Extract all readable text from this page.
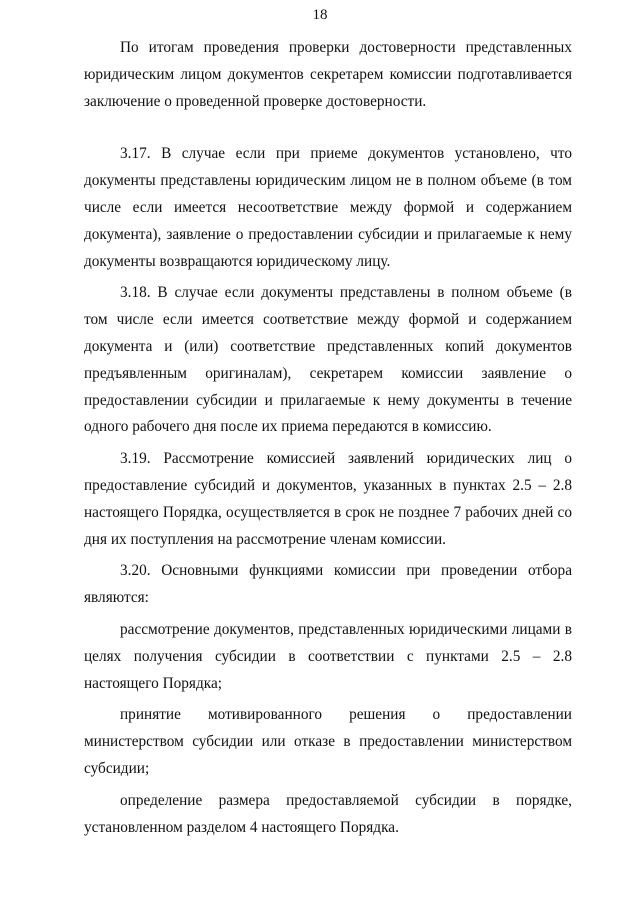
18

По итогам проведения проверки достоверности представленных юридическим лицом документов секретарем комиссии подготавливается заключение о проведенной проверке достоверности.

3.17. В случае если при приеме документов установлено, что документы представлены юридическим лицом не в полном объеме (в том числе если имеется несоответствие между формой и содержанием документа), заявление о предоставлении субсидии и прилагаемые к нему документы возвращаются юридическому лицу.

3.18. В случае если документы представлены в полном объеме (в том числе если имеется соответствие между формой и содержанием документа и (или) соответствие представленных копий документов предъявленным оригиналам), секретарем комиссии заявление о предоставлении субсидии и прилагаемые к нему документы в течение одного рабочего дня после их приема передаются в комиссию.

3.19. Рассмотрение комиссией заявлений юридических лиц о предоставление субсидий и документов, указанных в пунктах 2.5 – 2.8 настоящего Порядка, осуществляется в срок не позднее 7 рабочих дней со дня их поступления на рассмотрение членам комиссии.

3.20. Основными функциями комиссии при проведении отбора являются:

рассмотрение документов, представленных юридическими лицами в целях получения субсидии в соответствии с пунктами 2.5 – 2.8 настоящего Порядка;

принятие мотивированного решения о предоставлении

министерством субсидии или отказе в предоставлении министерством субсидии;

определение размера предоставляемой субсидии в порядке, установленном разделом 4 настоящего Порядка.
